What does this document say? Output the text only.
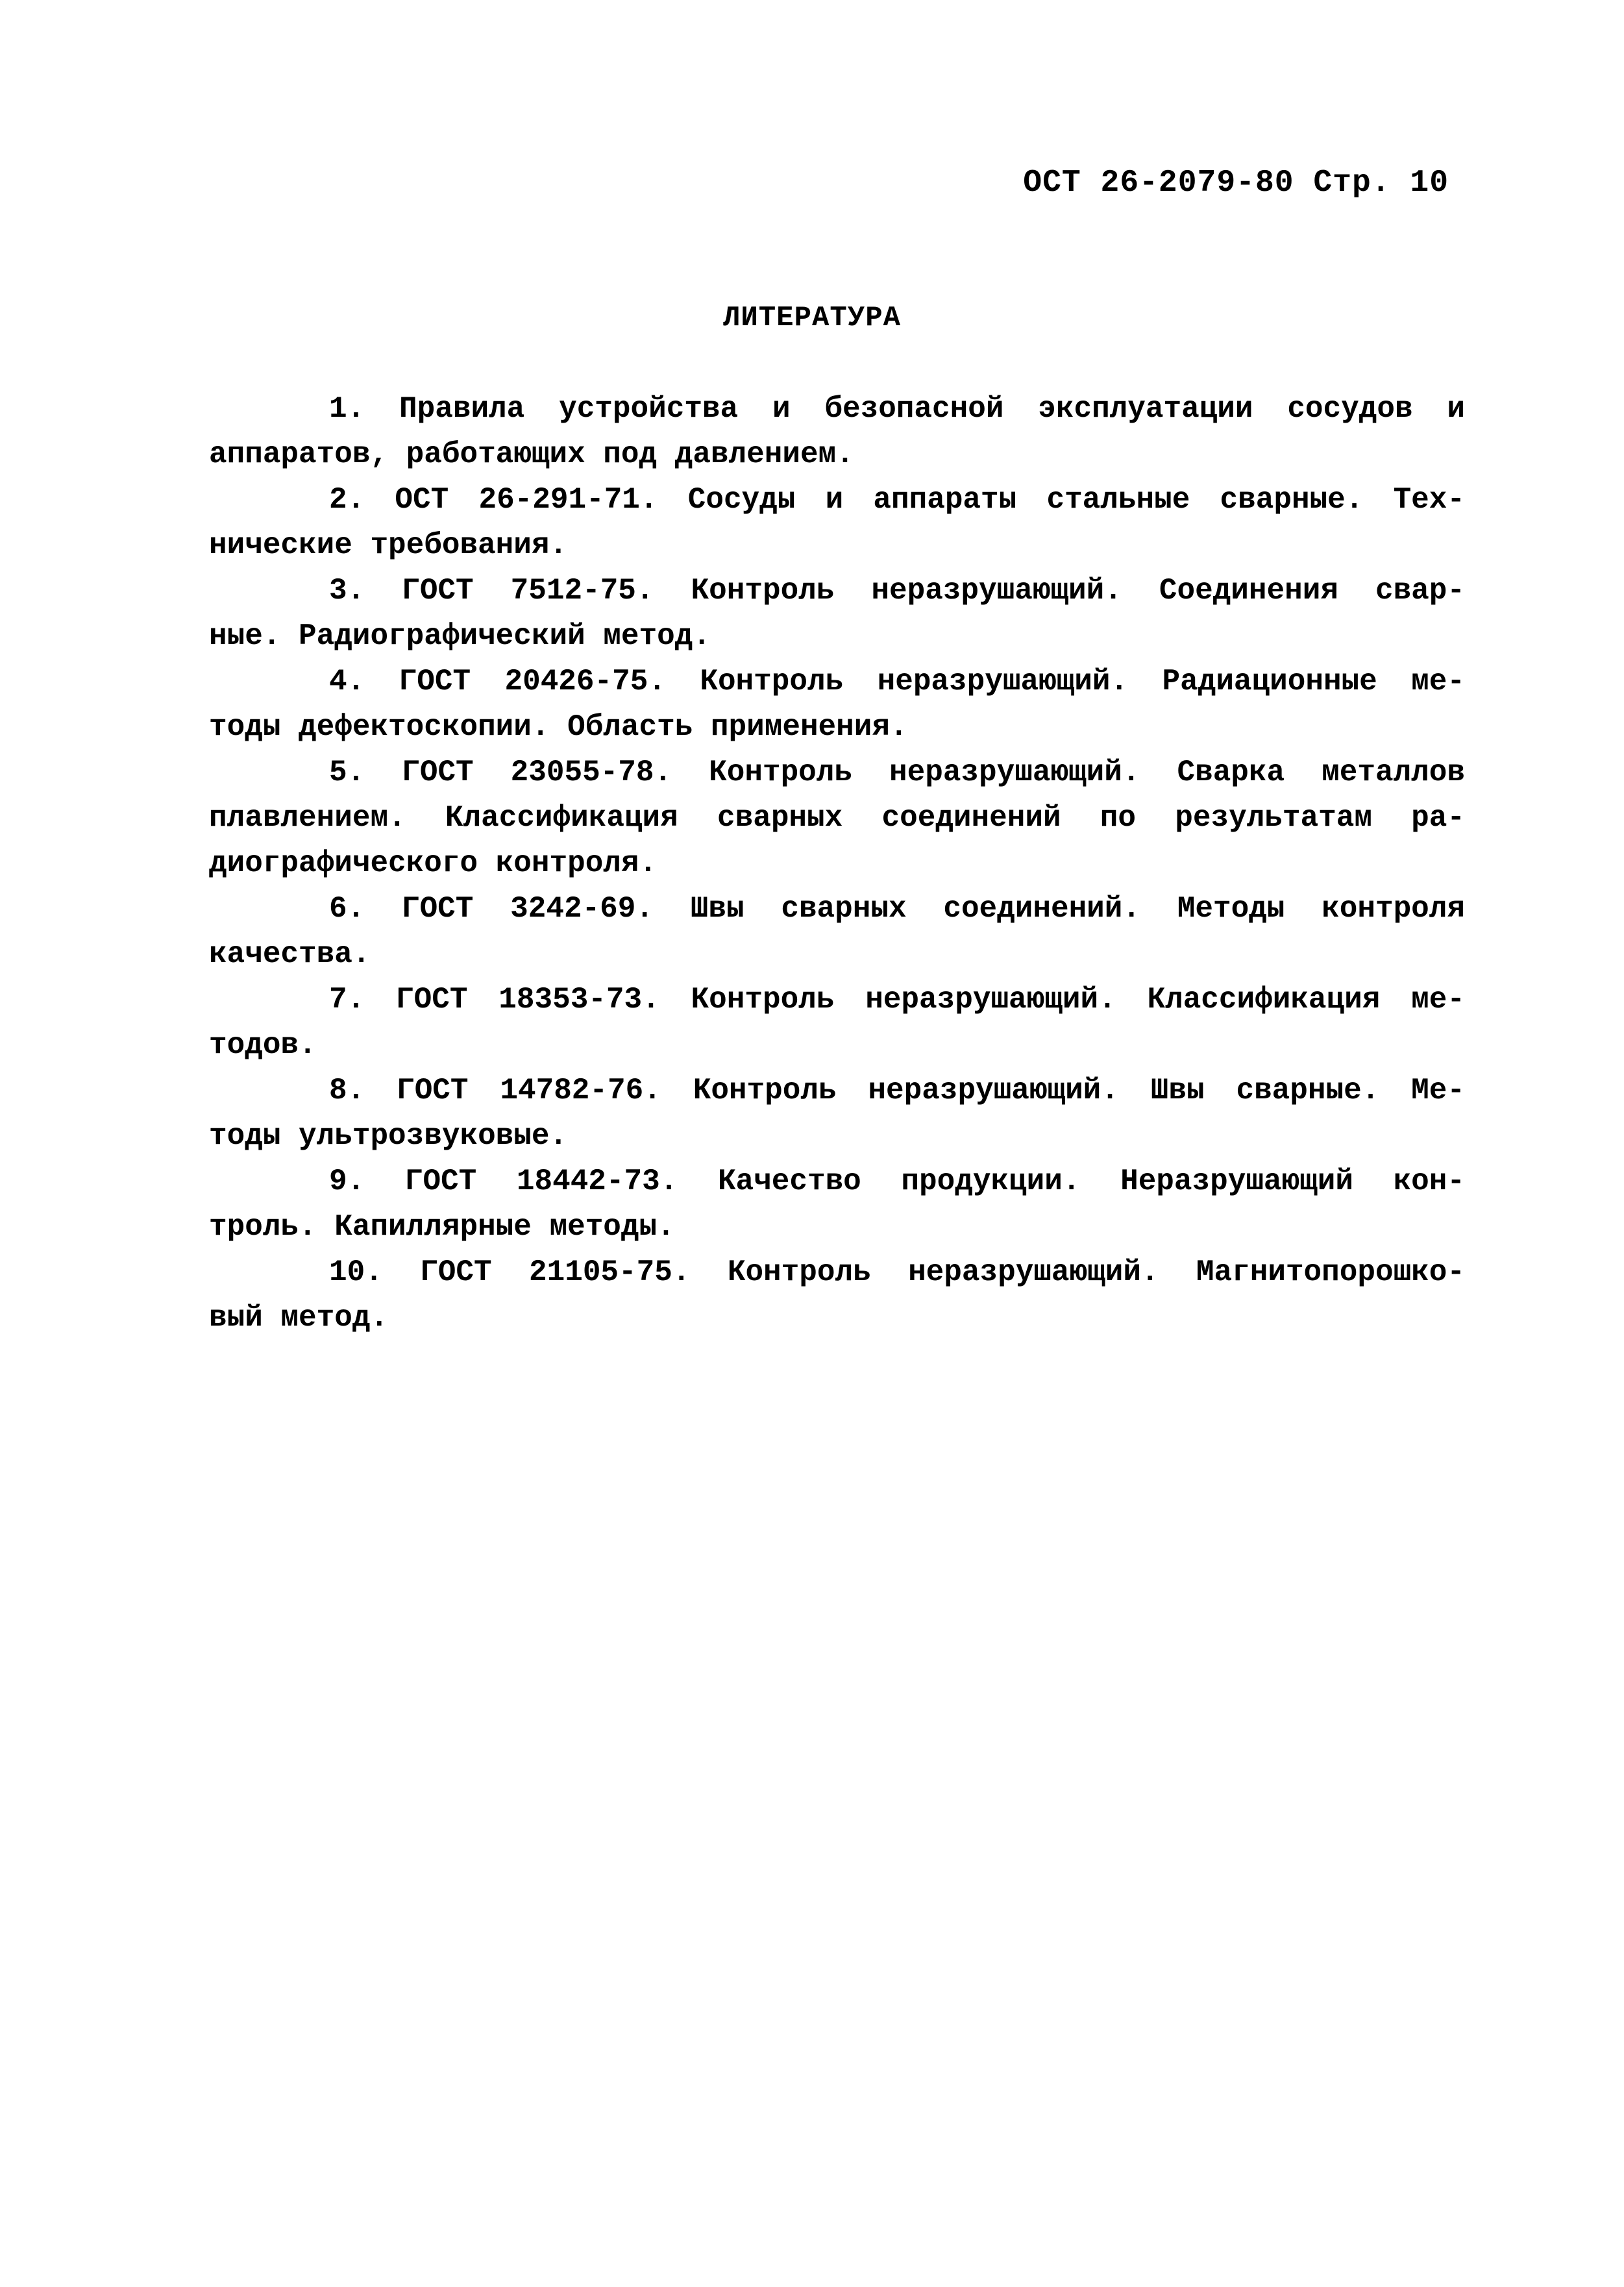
ОСТ 26-2079-80 Стр. 10
ЛИТЕРАТУРА
1. Правила устройства и безопасной эксплуатации сосудов и
аппаратов, работающих под давлением.
2. ОСТ 26-291-71. Сосуды и аппараты стальные сварные. Тех-
нические требования.
3. ГОСТ 7512-75. Контроль неразрушающий. Соединения свар-
ные. Радиографический метод.
4. ГОСТ 20426-75. Контроль неразрушающий. Радиационные ме-
тоды дефектоскопии. Область применения.
5. ГОСТ 23055-78. Контроль неразрушающий. Сварка металлов
плавлением. Классификация сварных соединений по результатам ра-
диографического контроля.
6. ГОСТ 3242-69. Швы сварных соединений. Методы контроля
качества.
7. ГОСТ 18353-73. Контроль неразрушающий. Классификация ме-
тодов.
8. ГОСТ 14782-76. Контроль неразрушающий. Швы сварные. Ме-
тоды ультрозвуковые.
9. ГОСТ 18442-73. Качество продукции. Неразрушающий кон-
троль. Капиллярные методы.
10. ГОСТ 21105-75. Контроль неразрушающий. Магнитопорошко-
вый метод.
